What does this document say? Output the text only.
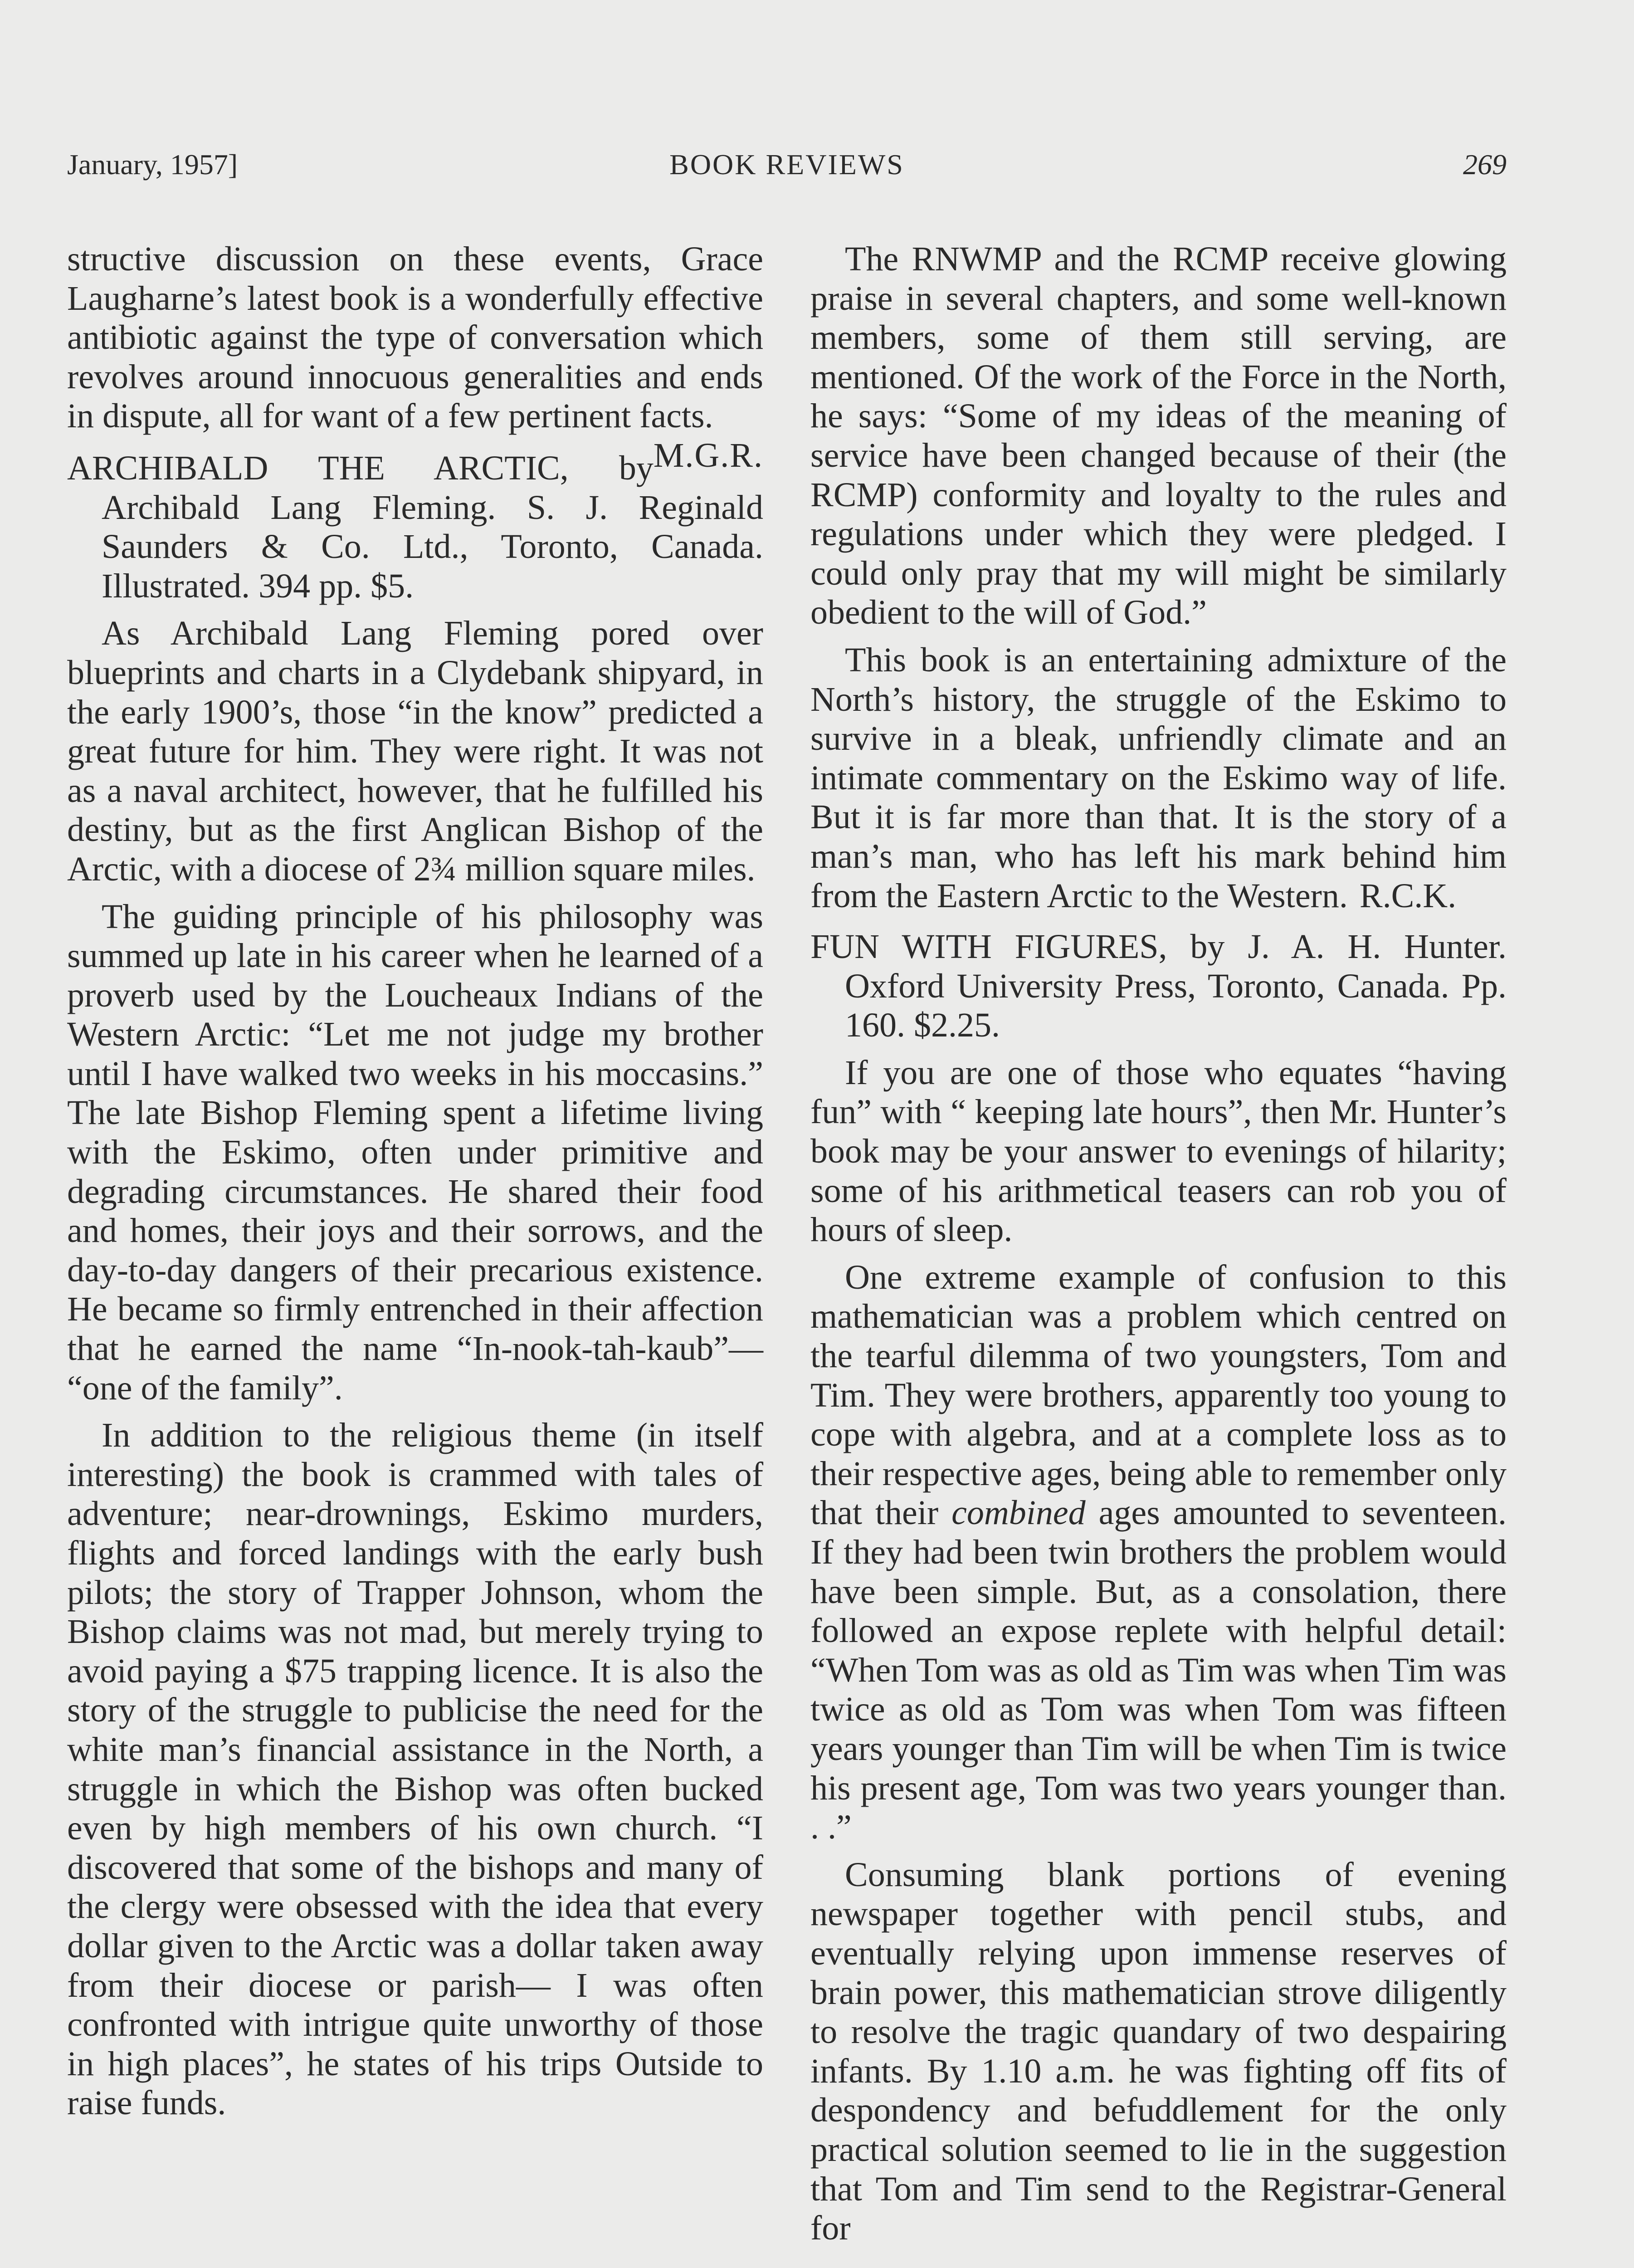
January, 1957]	BOOK REVIEWS	269

structive discussion on these events, Grace Laugharne’s latest book is a wonderfully effective antibiotic against the type of conversation which revolves around innocuous generalities and ends in dispute, all for want of a few pertinent facts.
M.G.R.

ARCHIBALD THE ARCTIC, by Archibald Lang Fleming. S. J. Reginald Saunders & Co. Ltd., Toronto, Canada. Illustrated. 394 pp. $5.

As Archibald Lang Fleming pored over blueprints and charts in a Clydebank shipyard, in the early 1900’s, those “in the know” predicted a great future for him. They were right. It was not as a naval architect, however, that he fulfilled his destiny, but as the first Anglican Bishop of the Arctic, with a diocese of 2¾ million square miles.

The guiding principle of his philosophy was summed up late in his career when he learned of a proverb used by the Loucheaux Indians of the Western Arctic: “Let me not judge my brother until I have walked two weeks in his moccasins.” The late Bishop Fleming spent a lifetime living with the Eskimo, often under primitive and degrading circumstances. He shared their food and homes, their joys and their sorrows, and the day-to-day dangers of their precarious existence. He became so firmly entrenched in their affection that he earned the name “In-nook-tah-kaub”— “one of the family”.

In addition to the religious theme (in itself interesting) the book is crammed with tales of adventure; near-drownings, Eskimo murders, flights and forced landings with the early bush pilots; the story of Trapper Johnson, whom the Bishop claims was not mad, but merely trying to avoid paying a $75 trapping licence. It is also the story of the struggle to publicise the need for the white man’s financial assistance in the North, a struggle in which the Bishop was often bucked even by high members of his own church. “I discovered that some of the bishops and many of the clergy were obsessed with the idea that every dollar given to the Arctic was a dollar taken away from their diocese or parish— I was often confronted with intrigue quite unworthy of those in high places”, he states of his trips Outside to raise funds.

The RNWMP and the RCMP receive glowing praise in several chapters, and some well-known members, some of them still serving, are mentioned. Of the work of the Force in the North, he says: “Some of my ideas of the meaning of service have been changed because of their (the RCMP) conformity and loyalty to the rules and regulations under which they were pledged. I could only pray that my will might be similarly obedient to the will of God.”

This book is an entertaining admixture of the North’s history, the struggle of the Eskimo to survive in a bleak, unfriendly climate and an intimate commentary on the Eskimo way of life. But it is far more than that. It is the story of a man’s man, who has left his mark behind him from the Eastern Arctic to the Western. R.C.K.

FUN WITH FIGURES, by J. A. H. Hunter. Oxford University Press, Toronto, Canada. Pp. 160. $2.25.

If you are one of those who equates “having fun” with “ keeping late hours”, then Mr. Hunter’s book may be your answer to evenings of hilarity; some of his arithmetical teasers can rob you of hours of sleep.

One extreme example of confusion to this mathematician was a problem which centred on the tearful dilemma of two youngsters, Tom and Tim. They were brothers, apparently too young to cope with algebra, and at a complete loss as to their respective ages, being able to remember only that their combined ages amounted to seventeen. If they had been twin brothers the problem would have been simple. But, as a consolation, there followed an expose replete with helpful detail: “When Tom was as old as Tim was when Tim was twice as old as Tom was when Tom was fifteen years younger than Tim will be when Tim is twice his present age, Tom was two years younger than. . .”

Consuming blank portions of evening newspaper together with pencil stubs, and eventually relying upon immense reserves of brain power, this mathematician strove diligently to resolve the tragic quandary of two despairing infants. By 1.10 a.m. he was fighting off fits of despondency and befuddlement for the only practical solution seemed to lie in the suggestion that Tom and Tim send to the Registrar-General for
